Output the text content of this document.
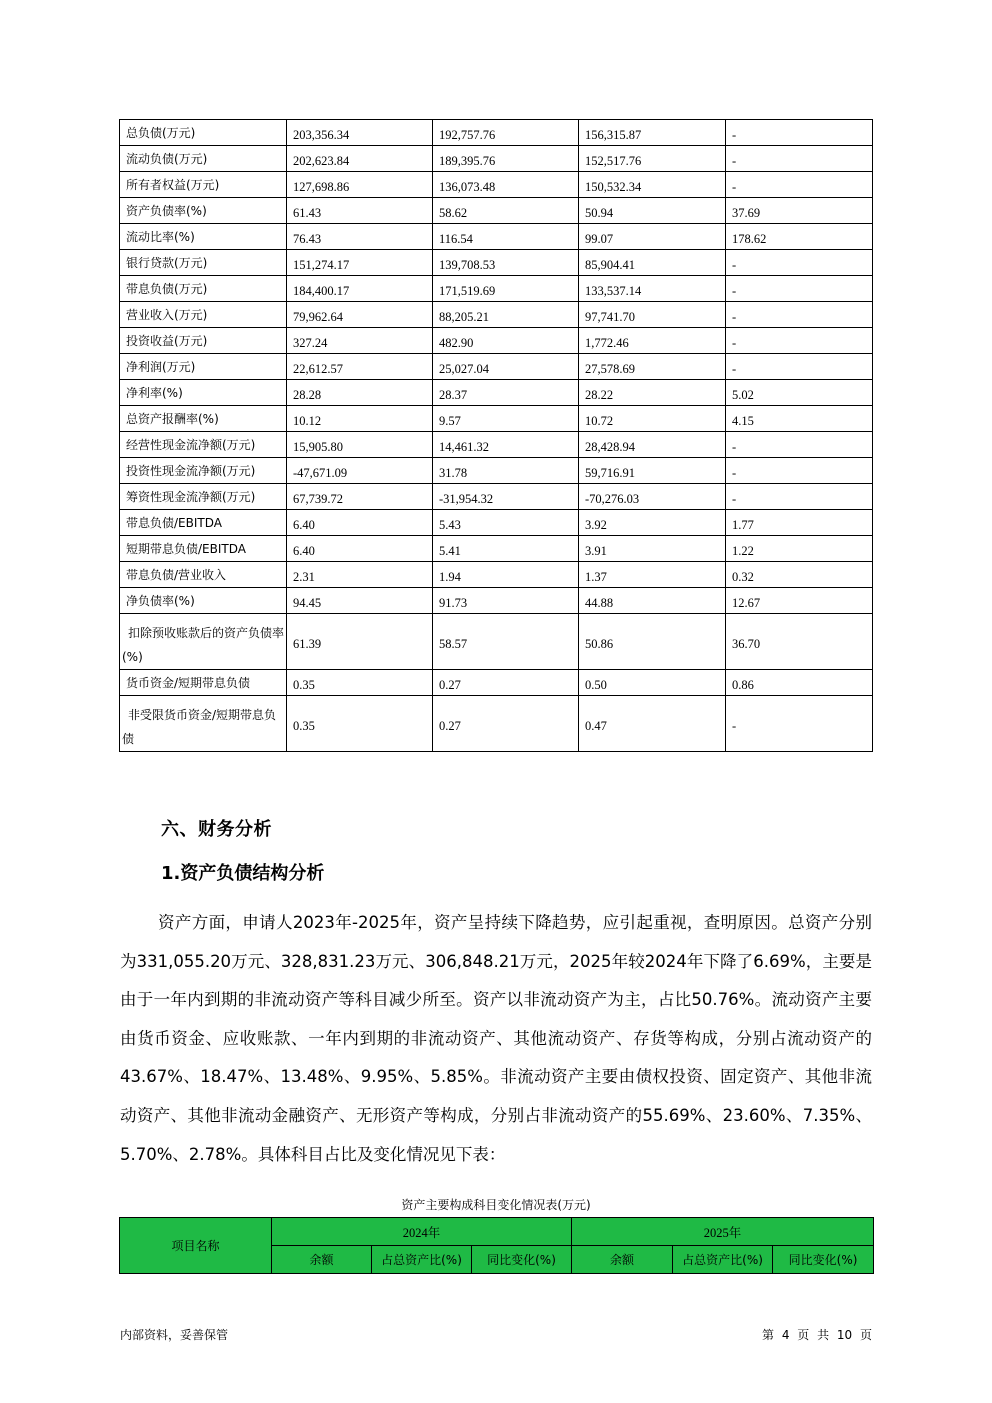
总负债(万元)	203,356.34	192,757.76	156,315.87	-
流动负债(万元)	202,623.84	189,395.76	152,517.76	-
所有者权益(万元)	127,698.86	136,073.48	150,532.34	-
资产负债率(%)	61.43	58.62	50.94	37.69
流动比率(%)	76.43	116.54	99.07	178.62
银行贷款(万元)	151,274.17	139,708.53	85,904.41	-
带息负债(万元)	184,400.17	171,519.69	133,537.14	-
营业收入(万元)	79,962.64	88,205.21	97,741.70	-
投资收益(万元)	327.24	482.90	1,772.46	-
净利润(万元)	22,612.57	25,027.04	27,578.69	-
净利率(%)	28.28	28.37	28.22	5.02
总资产报酬率(%)	10.12	9.57	10.72	4.15
经营性现金流净额(万元)	15,905.80	14,461.32	28,428.94	-
投资性现金流净额(万元)	-47,671.09	31.78	59,716.91	-
筹资性现金流净额(万元)	67,739.72	-31,954.32	-70,276.03	-
带息负债/EBITDA	6.40	5.43	3.92	1.77
短期带息负债/EBITDA	6.40	5.41	3.91	1.22
带息负债/营业收入	2.31	1.94	1.37	0.32
净负债率(%)	94.45	91.73	44.88	12.67
扣除预收账款后的资产负债率(%)	61.39	58.57	50.86	36.70
货币资金/短期带息负债	0.35	0.27	0.50	0.86
非受限货币资金/短期带息负债	0.35	0.27	0.47	-
六、财务分析
1.资产负债结构分析
资产方面，申请人2023年-2025年，资产呈持续下降趋势，应引起重视，查明原因。总资产分别为331,055.20万元、328,831.23万元、306,848.21万元，2025年较2024年下降了6.69%，主要是由于一年内到期的非流动资产等科目减少所至。资产以非流动资产为主，占比50.76%。流动资产主要由货币资金、应收账款、一年内到期的非流动资产、其他流动资产、存货等构成，分别占流动资产的43.67%、18.47%、13.48%、9.95%、5.85%。非流动资产主要由债权投资、固定资产、其他非流动资产、其他非流动金融资产、无形资产等构成，分别占非流动资产的55.69%、23.60%、7.35%、5.70%、2.78%。具体科目占比及变化情况见下表：
资产主要构成科目变化情况表(万元)
项目名称	2024年			2025年		
	余额	占总资产比(%)	同比变化(%)	余额	占总资产比(%)	同比变化(%)
内部资料，妥善保管	第 4 页 共 10 页
